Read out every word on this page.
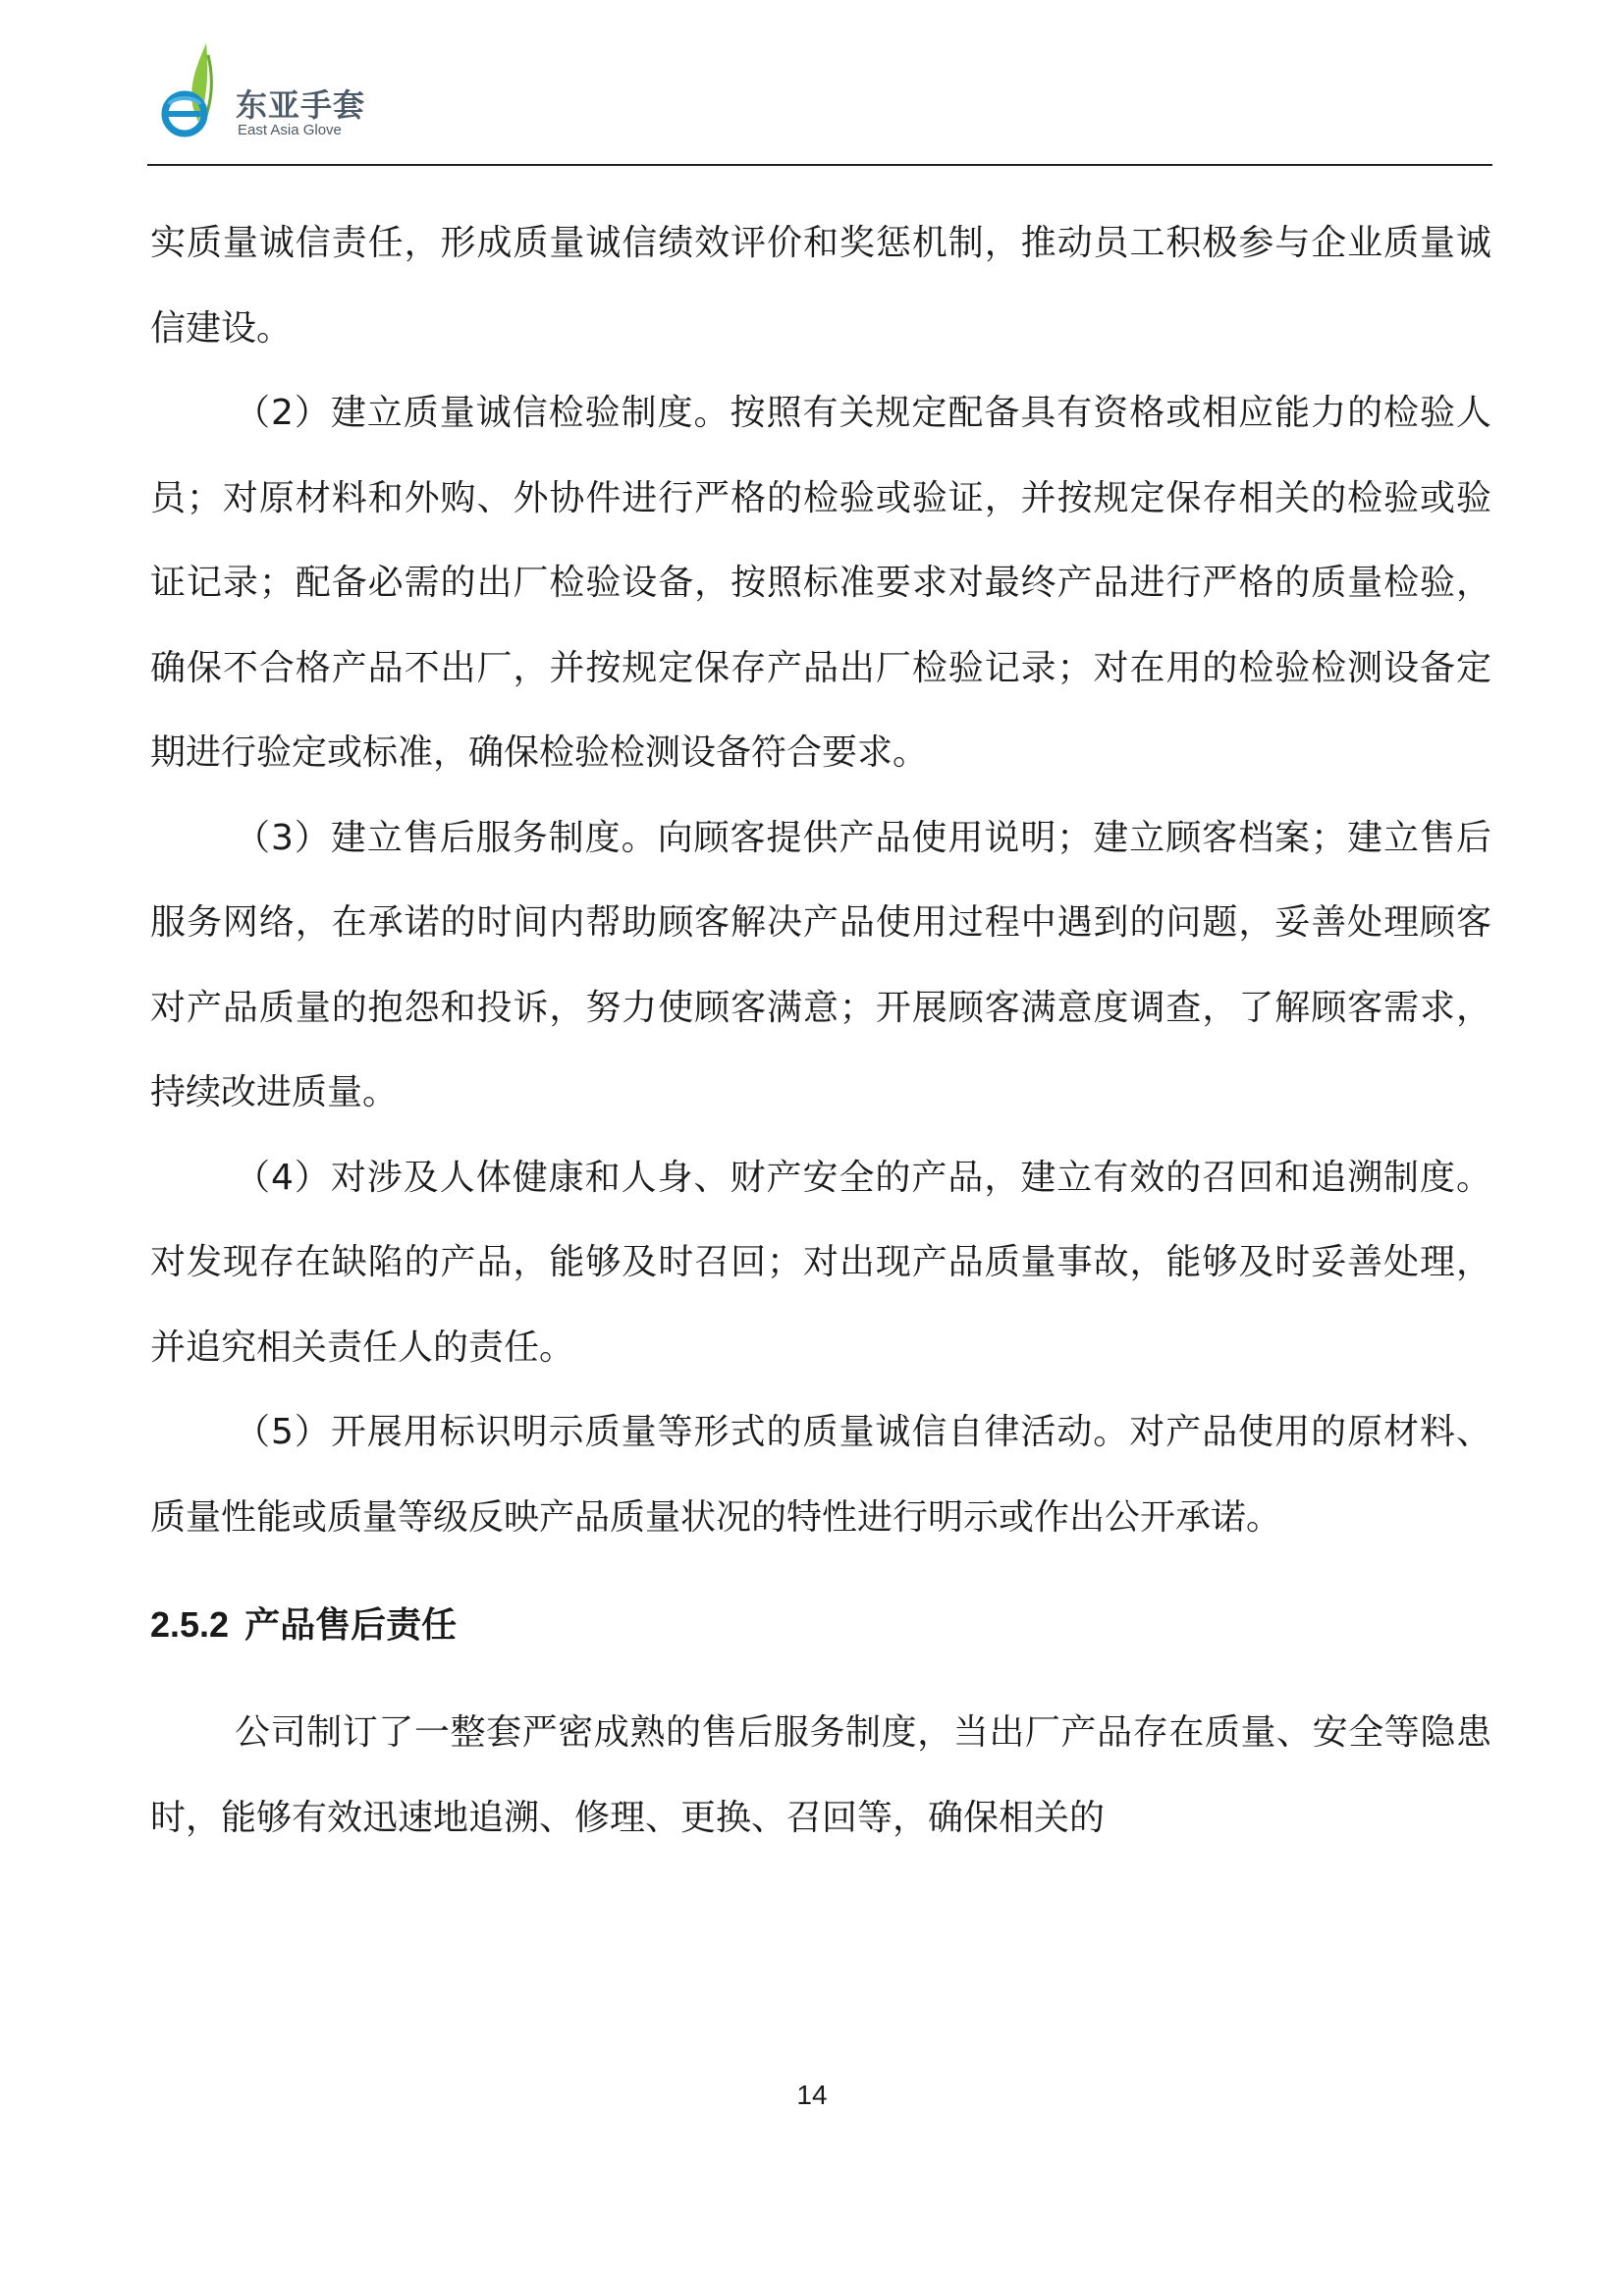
东亚手套
East Asia Glove

实质量诚信责任，形成质量诚信绩效评价和奖惩机制，推动员工积极参与企业质量诚信建设。

（2）建立质量诚信检验制度。按照有关规定配备具有资格或相应能力的检验人员；对原材料和外购、外协件进行严格的检验或验证，并按规定保存相关的检验或验证记录；配备必需的出厂检验设备，按照标准要求对最终产品进行严格的质量检验，确保不合格产品不出厂，并按规定保存产品出厂检验记录；对在用的检验检测设备定期进行验定或标准，确保检验检测设备符合要求。

（3）建立售后服务制度。向顾客提供产品使用说明；建立顾客档案；建立售后服务网络，在承诺的时间内帮助顾客解决产品使用过程中遇到的问题，妥善处理顾客对产品质量的抱怨和投诉，努力使顾客满意；开展顾客满意度调查，了解顾客需求，持续改进质量。

（4）对涉及人体健康和人身、财产安全的产品，建立有效的召回和追溯制度。对发现存在缺陷的产品，能够及时召回；对出现产品质量事故，能够及时妥善处理，并追究相关责任人的责任。

（5）开展用标识明示质量等形式的质量诚信自律活动。对产品使用的原材料、质量性能或质量等级反映产品质量状况的特性进行明示或作出公开承诺。

2.5.2 产品售后责任

公司制订了一整套严密成熟的售后服务制度，当出厂产品存在质量、安全等隐患时，能够有效迅速地追溯、修理、更换、召回等，确保相关的

14
